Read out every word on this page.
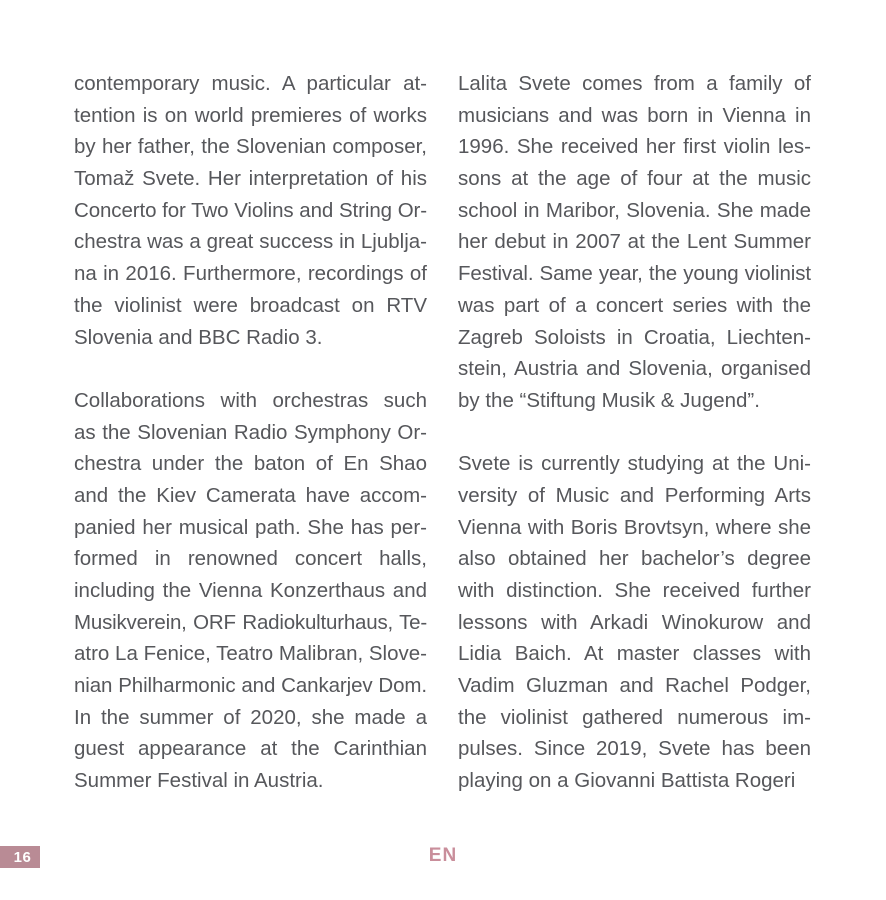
contemporary music. A particular at-
tention is on world premieres of works
by her father, the Slovenian composer,
Tomaž Svete. Her interpretation of his
Concerto for Two Violins and String Or-
chestra was a great success in Ljublja-
na in 2016. Furthermore, recordings of
the violinist were broadcast on RTV
Slovenia and BBC Radio 3.
Collaborations with orchestras such
as the Slovenian Radio Symphony Or-
chestra under the baton of En Shao
and the Kiev Camerata have accom-
panied her musical path. She has per-
formed in renowned concert halls,
including the Vienna Konzerthaus and
Musikverein, ORF Radiokulturhaus, Te-
atro La Fenice, Teatro Malibran, Slove-
nian Philharmonic and Cankarjev Dom.
In the summer of 2020, she made a
guest appearance at the Carinthian
Summer Festival in Austria.
Lalita Svete comes from a family of
musicians and was born in Vienna in
1996. She received her first violin les-
sons at the age of four at the music
school in Maribor, Slovenia. She made
her debut in 2007 at the Lent Summer
Festival. Same year, the young violinist
was part of a concert series with the
Zagreb Soloists in Croatia, Liechten-
stein, Austria and Slovenia, organised
by the “Stiftung Musik & Jugend”.
Svete is currently studying at the Uni-
versity of Music and Performing Arts
Vienna with Boris Brovtsyn, where she
also obtained her bachelor’s degree
with distinction. She received further
lessons with Arkadi Winokurow and
Lidia Baich. At master classes with
Vadim Gluzman and Rachel Podger,
the violinist gathered numerous im-
pulses. Since 2019, Svete has been
playing on a Giovanni Battista Rogeri
16	EN
